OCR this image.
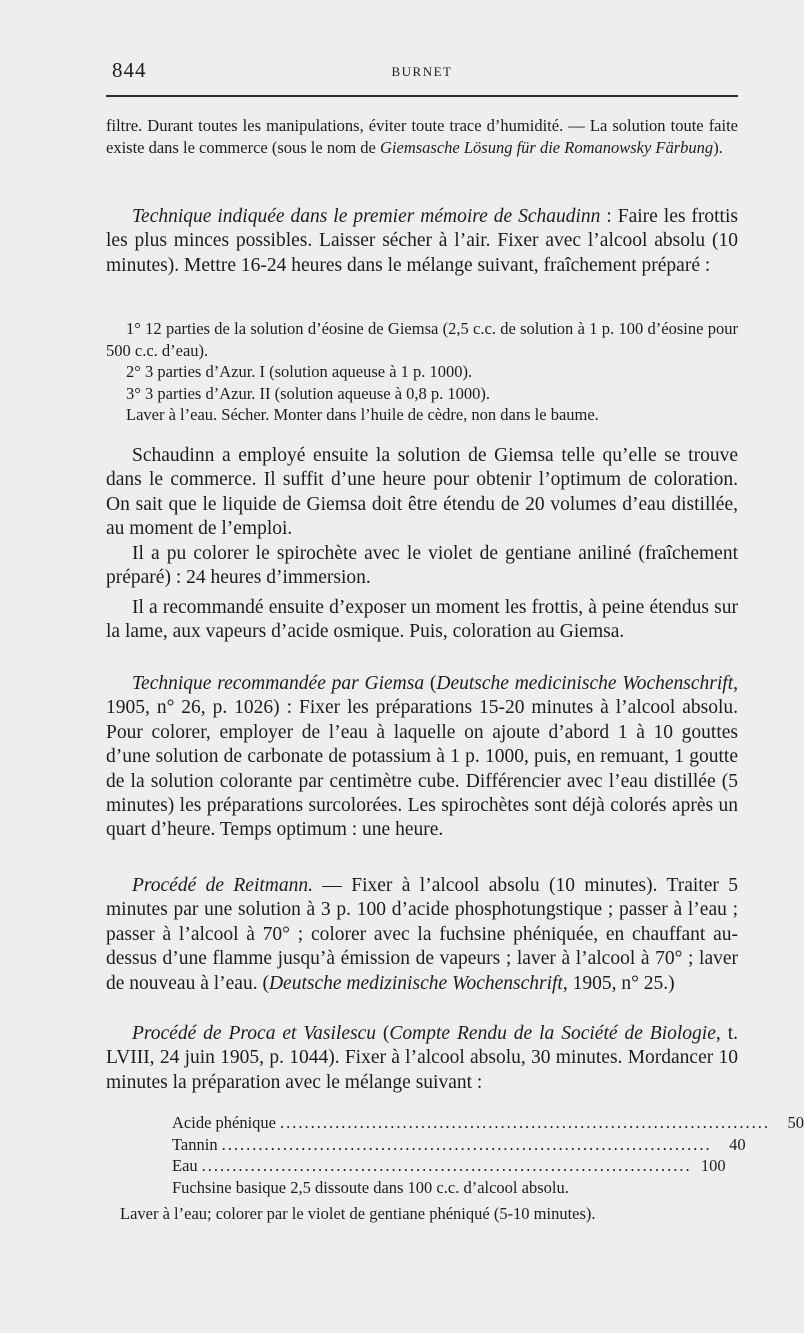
844	BURNET

filtre. Durant toutes les manipulations, éviter toute trace d’humidité. — La solution toute faite existe dans le commerce (sous le nom de Giemsasche Lösung für die Romanowsky Färbung).

Technique indiquée dans le premier mémoire de Schaudinn : Faire les frottis les plus minces possibles. Laisser sécher à l’air. Fixer avec l’alcool absolu (10 minutes). Mettre 16-24 heures dans le mélange suivant, fraîchement préparé :

1° 12 parties de la solution d’éosine de Giemsa (2,5 c.c. de solution à 1 p. 100 d’éosine pour 500 c.c. d’eau).

2° 3 parties d’Azur. I (solution aqueuse à 1 p. 1000).

3° 3 parties d’Azur. II (solution aqueuse à 0,8 p. 1000).

Laver à l’eau. Sécher. Monter dans l’huile de cèdre, non dans le baume.

Schaudinn a employé ensuite la solution de Giemsa telle qu’elle se trouve dans le commerce. Il suffit d’une heure pour obtenir l’optimum de coloration. On sait que le liquide de Giemsa doit être étendu de 20 volumes d’eau distillée, au moment de l’emploi.

Il a pu colorer le spirochète avec le violet de gentiane aniliné (fraîchement préparé) : 24 heures d’immersion.

Il a recommandé ensuite d’exposer un moment les frottis, à peine étendus sur la lame, aux vapeurs d’acide osmique. Puis, coloration au Giemsa.

Technique recommandée par Giemsa (Deutsche medicinische Wochenschrift, 1905, n° 26, p. 1026) : Fixer les préparations 15-20 minutes à l’alcool absolu. Pour colorer, employer de l’eau à laquelle on ajoute d’abord 1 à 10 gouttes d’une solution de carbonate de potassium à 1 p. 1000, puis, en remuant, 1 goutte de la solution colorante par centimètre cube. Différencier avec l’eau distillée (5 minutes) les préparations surcolorées. Les spirochètes sont déjà colorés après un quart d’heure. Temps optimum : une heure.

Procédé de Reitmann. — Fixer à l’alcool absolu (10 minutes). Traiter 5 minutes par une solution à 3 p. 100 d’acide phosphotungstique ; passer à l’eau ; passer à l’alcool à 70° ; colorer avec la fuchsine phéniquée, en chauffant au-dessus d’une flamme jusqu’à émission de vapeurs ; laver à l’alcool à 70° ; laver de nouveau à l’eau. (Deutsche medizinische Wochenschrift, 1905, n° 25.)

Procédé de Proca et Vasilescu (Compte Rendu de la Société de Biologie, t. LVIII, 24 juin 1905, p. 1044). Fixer à l’alcool absolu, 30 minutes. Mordancer 10 minutes la préparation avec le mélange suivant :

Acide phénique ................................................................................	50
Tannin ................................................................................	40
Eau ................................................................................ 100
Fuchsine basique 2,5 dissoute dans 100 c.c. d’alcool absolu.

Laver à l’eau; colorer par le violet de gentiane phéniqué (5-10 minutes).
